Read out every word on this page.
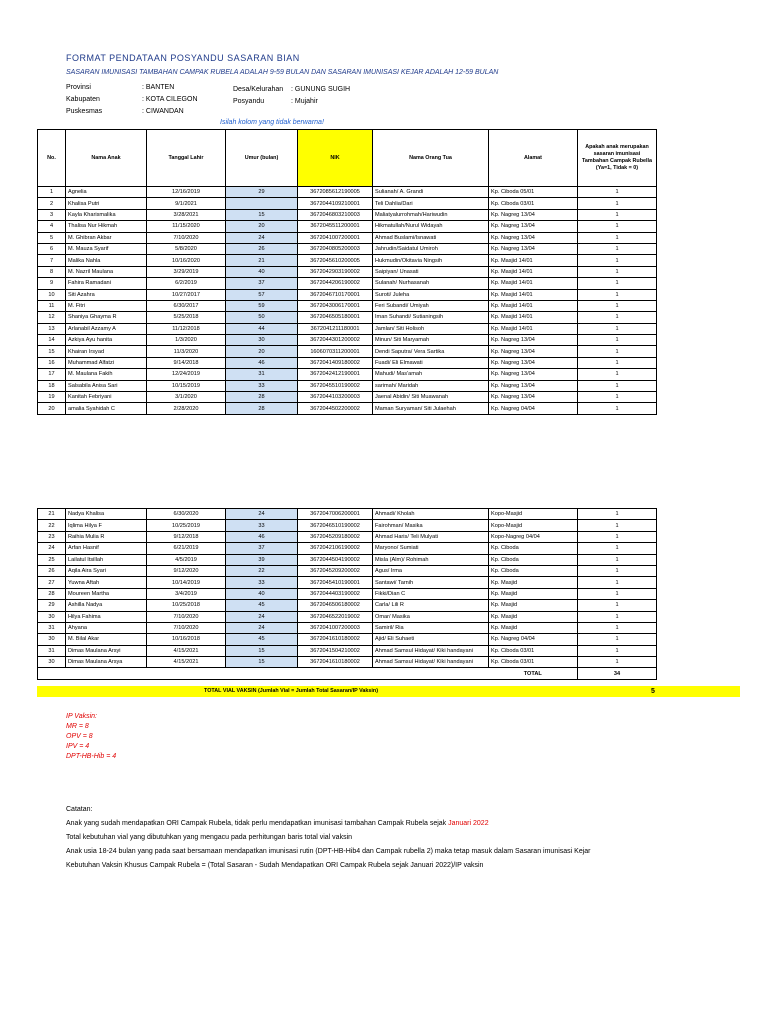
FORMAT PENDATAAN POSYANDU SASARAN BIAN
SASARAN IMUNISASI TAMBAHAN CAMPAK RUBELA ADALAH 9-59 BULAN DAN SASARAN IMUNISASI KEJAR ADALAH 12-59 BULAN
Provinsi	: BANTEN
Kabupaten	: KOTA CILEGON
Puskesmas	: CIWANDAN
Desa/Kelurahan : GUNUNG SUGIH
Posyandu	: Mujahir
Isilah kolom yang tidak berwarna!
No.	Nama Anak	Tanggal Lahir	Umur (bulan)	NIK	Nama Orang Tua	Alamat	Apakah anak merupakan sasaran imunisasi Tambahan Campak Rubella (Ya=1, Tidak = 0)
1	Agnelia	12/16/2019	29	3672085612190005	Sulianah/ A. Grandi	Kp. Ciboda 05/01	1
2	Khalisa Putri	9/1/2021		3672044109210001	Teli Dahlia/Dari	Kp. Ciboda 03/01	1
3	Kayla Kharismalika	3/28/2021	15	3672046803210003	Maliatyalurrohmah/Hariwudin	Kp. Nagreg 13/04	1
4	Thalisa Nur Hikmah	11/15/2020	20	3672045511200001	Hikmatullah/Nurul Widayah	Kp. Nagreg 13/04	1
5	M. Ghibran Akbar	7/10/2020	24	3672041007200001	Ahmad Buslami/Isnawati	Kp. Nagreg 13/04	1
6	M. Mauza Syarif	5/8/2020	26	3672040805200003	Jahrudin/Saidatul Umiroh	Kp. Nagreg 13/04	1
7	Malika Nahla	10/16/2020	21	3672045610200005	Hukmudin/Okitavia Ningsih	Kp. Masjid 14/01	1
8	M. Nazril Maulana	3/29/2019	40	3672042903190002	Saipiyan/ Unasati	Kp. Masjid 14/01	1
9	Fahira Ramadani	6/2/2019	37	3672044206190002	Sulanah/ Nurhasanah	Kp. Masjid 14/01	1
10	Siti Azahra	10/27/2017	57	3672046710170001	Suroti/ Juleha	Kp. Masjid 14/01	1
11	M. Fitri	6/30/2017	59	3672043006170001	Feri Subandi/ Umiyah	Kp. Masjid 14/01	1
12	Shaniya Ghayma R	5/25/2018	50	3672046505180001	Iman Suhandi/ Sutianingsih	Kp. Masjid 14/01	1
13	Arlanabil Azzamy A	11/12/2018	44	3672041211180001	Jamlan/ Siti Holisoh	Kp. Masjid 14/01	1
14	Azkiya Ayu hanita	1/3/2020	30	3672044301200002	Minun/ Siti Maryamah	Kp. Nagreg 13/04	1
15	Khairan Irsyad	11/3/2020	20	1606070311200001	Dendi Saputra/ Vera Sartika	Kp. Nagreg 13/04	1
16	Muhammad Alfatzi	9/14/2018	46	3672041409180002	Fuadi/ Eli Elmawati	Kp. Nagreg 13/04	1
17	M. Maulana Fakih	12/24/2019	31	3672042412190001	Mahudi/ Mas'amah	Kp. Nagreg 13/04	1
18	Salsabila Anisa Sari	10/15/2019	33	3672045510190002	sarimah/ Maridah	Kp. Nagreg 13/04	1
19	Kanitah Febriyani	3/1/2020	28	3672044103200003	Jaenal Abidin/ Siti Muawanah	Kp. Nagreg 13/04	1
20	amalia Syahidah C	2/28/2020	28	3672044502200002	Maman Suryaman/ Siti Julaehah	Kp. Nagreg 04/04	1
21	Nadya Khalisa	6/30/2020	24	3672047006200001	Ahmadi/ Kholah	Kopo-Masjid	1
22	Iqlima Hilya F	10/25/2019	33	3672046510190002	Fairohman/ Masika	Kopo-Masjid	1
23	Raihia Mulia R	9/12/2018	46	3672045209180002	Ahmad Haris/ Teli Mulyati	Kopo-Nagreg 04/04	1
24	Arfan Hasnif	6/21/2019	37	3672042106190002	Maryono/ Sumiati	Kp. Ciboda	1
25	Lailatul Itsillah	4/5/2019	39	3672044504190002	Misla (Alm)/ Rohimah	Kp. Ciboda	1
26	Aqila Aira Syari	9/12/2020	22	3672045209200002	Agus/ Irma	Kp. Ciboda	1
27	Yuwna Aftah	10/14/2019	33	3672045410190001	Santawi/ Tarnih	Kp. Masjid	1
28	Moureen Martha	3/4/2019	40	3672044403190002	Fikki/Dian C	Kp. Masjid	1
29	Ashilla Nadya	10/25/2018	45	3672046506180002	Carla/ Lili R	Kp. Masjid	1
30	Hilya Fahima	7/10/2020	24	3672046522019002	Omar/ Masika	Kp. Masjid	1
31	Ahyana	7/10/2020	24	3672041007200003	Samiril/ Ria	Kp. Masjid	1
30	M. Bilal Akar	10/16/2018	45	3672041610180002	Ajid/ Eli Suhaeti	Kp. Nagreg 04/04	1
31	Dimas Maulana Arsyi	4/15/2021	15	3672041504210002	Ahmad Samsul Hidayat/ Kiki handayani	Kp. Ciboda 03/01	1
30	Dimas Maulana Arsya	4/15/2021	15	3672041610180002	Ahmad Samsul Hidayat/ Kiki handayani	Kp. Ciboda 03/01	1
						TOTAL	34
TOTAL VIAL VAKSIN (Jumlah Vial = Jumlah Total Sasaran/IP Vaksin)	5
IP Vaksin:
MR = 8
OPV = 8
IPV = 4
DPT-HB-Hib = 4
Catatan:
Anak yang sudah mendapatkan ORI Campak Rubela, tidak perlu mendapatkan imunisasi tambahan Campak Rubela sejak Januari 2022
Total kebutuhan vial yang dibutuhkan yang mengacu pada perhitungan baris total vial vaksin
Anak usia 18-24 bulan yang pada saat bersamaan mendapatkan imunisasi rutin (DPT-HB-Hib4 dan Campak rubella 2) maka tetap masuk dalam Sasaran imunisasi Kejar
Kebutuhan Vaksin Khusus Campak Rubela = (Total Sasaran - Sudah Mendapatkan ORI Campak Rubela sejak Januari 2022)/IP vaksin
